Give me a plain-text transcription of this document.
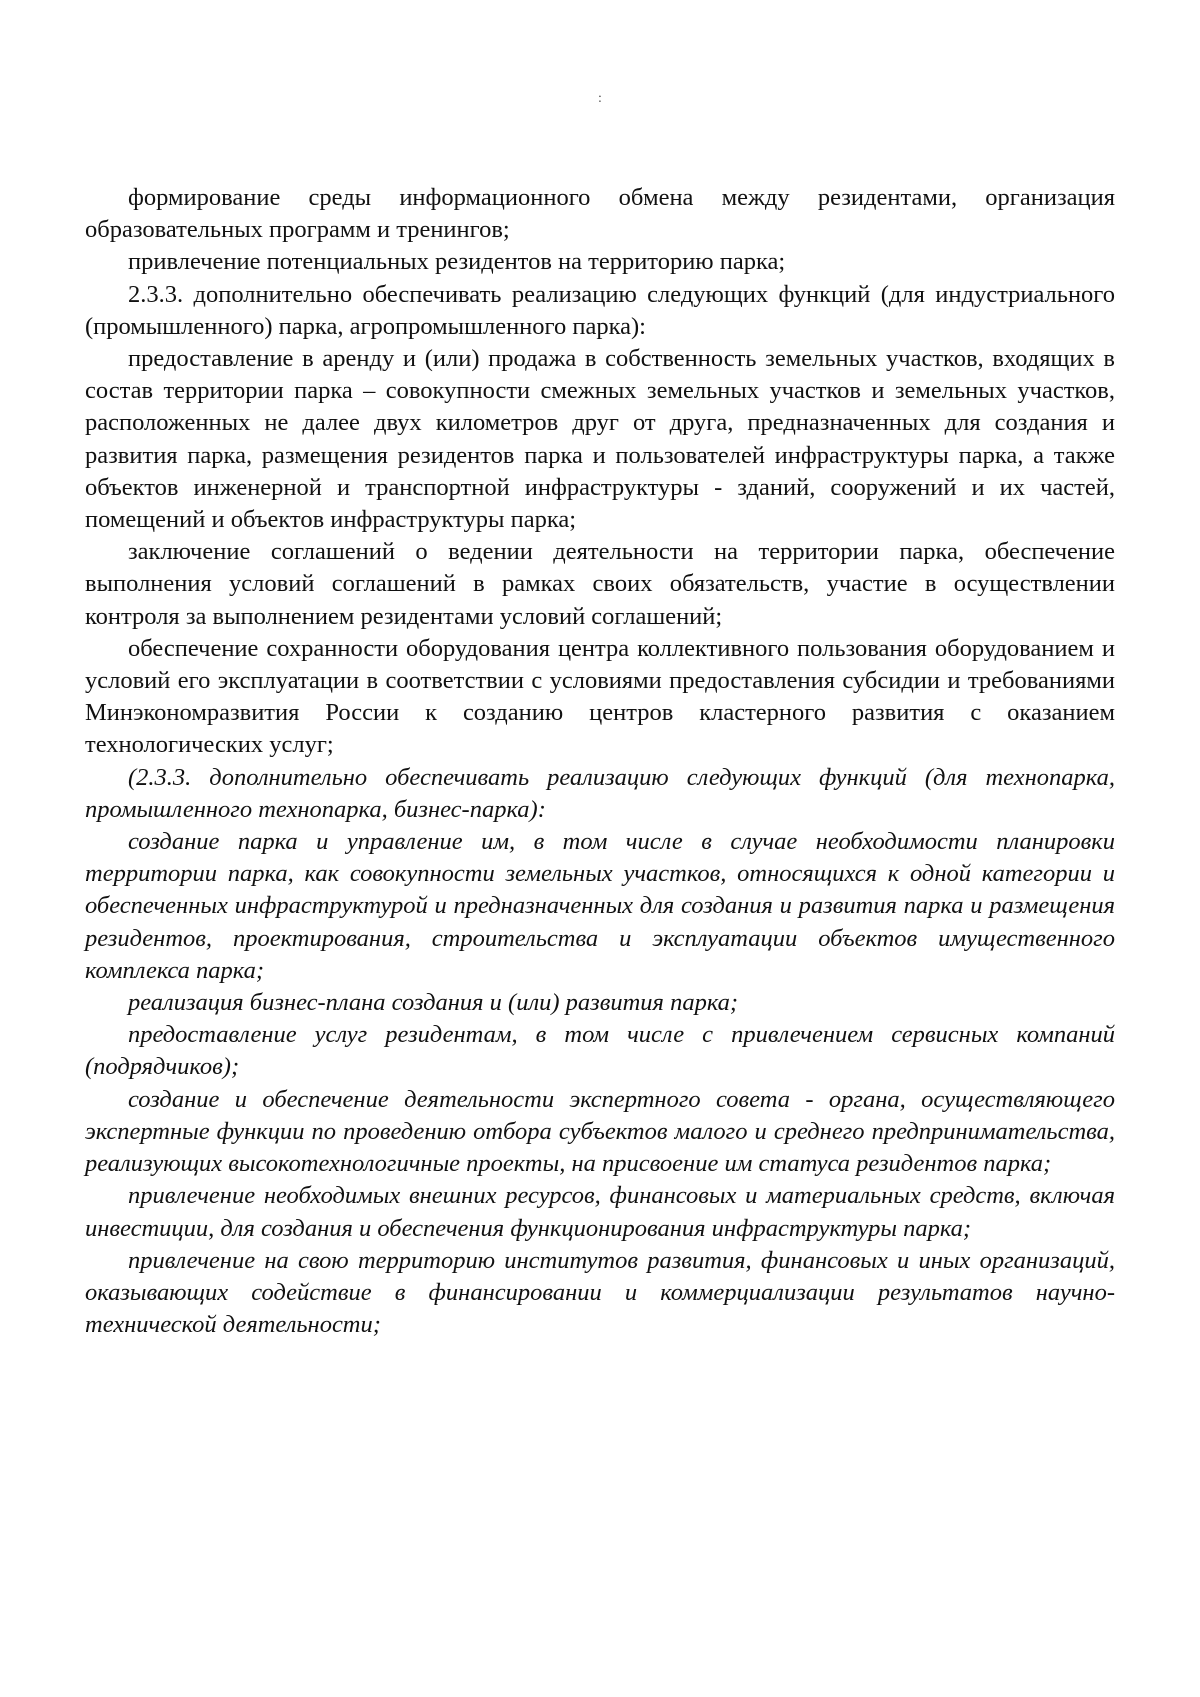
:

формирование среды информационного обмена между резидентами, организация образовательных программ и тренингов;

привлечение потенциальных резидентов на территорию парка;

2.3.3. дополнительно обеспечивать реализацию следующих функций (для индустриального (промышленного) парка, агропромышленного парка):

предоставление в аренду и (или) продажа в собственность земельных участков, входящих в состав территории парка – совокупности смежных земельных участков и земельных участков, расположенных не далее двух километров друг от друга, предназначенных для создания и развития парка, размещения резидентов парка и пользователей инфраструктуры парка, а также объектов инженерной и транспортной инфраструктуры - зданий, сооружений и их частей, помещений и объектов инфраструктуры парка;

заключение соглашений о ведении деятельности на территории парка, обеспечение выполнения условий соглашений в рамках своих обязательств, участие в осуществлении контроля за выполнением резидентами условий соглашений;

обеспечение сохранности оборудования центра коллективного пользования оборудованием и условий его эксплуатации в соответствии с условиями предоставления субсидии и требованиями Минэкономразвития России к созданию центров кластерного развития с оказанием технологических услуг;

(2.3.3. дополнительно обеспечивать реализацию следующих функций (для технопарка, промышленного технопарка, бизнес-парка):

создание парка и управление им, в том числе в случае необходимости планировки территории парка, как совокупности земельных участков, относящихся к одной категории и обеспеченных инфраструктурой и предназначенных для создания и развития парка и размещения резидентов, проектирования, строительства и эксплуатации объектов имущественного комплекса парка;

реализация бизнес-плана создания и (или) развития парка;

предоставление услуг резидентам, в том числе с привлечением сервисных компаний (подрядчиков);

создание и обеспечение деятельности экспертного совета - органа, осуществляющего экспертные функции по проведению отбора субъектов малого и среднего предпринимательства, реализующих высокотехнологичные проекты, на присвоение им статуса резидентов парка;

привлечение необходимых внешних ресурсов, финансовых и материальных средств, включая инвестиции, для создания и обеспечения функционирования инфраструктуры парка;

привлечение на свою территорию институтов развития, финансовых и иных организаций, оказывающих содействие в финансировании и коммерциализации результатов научно-технической деятельности;
